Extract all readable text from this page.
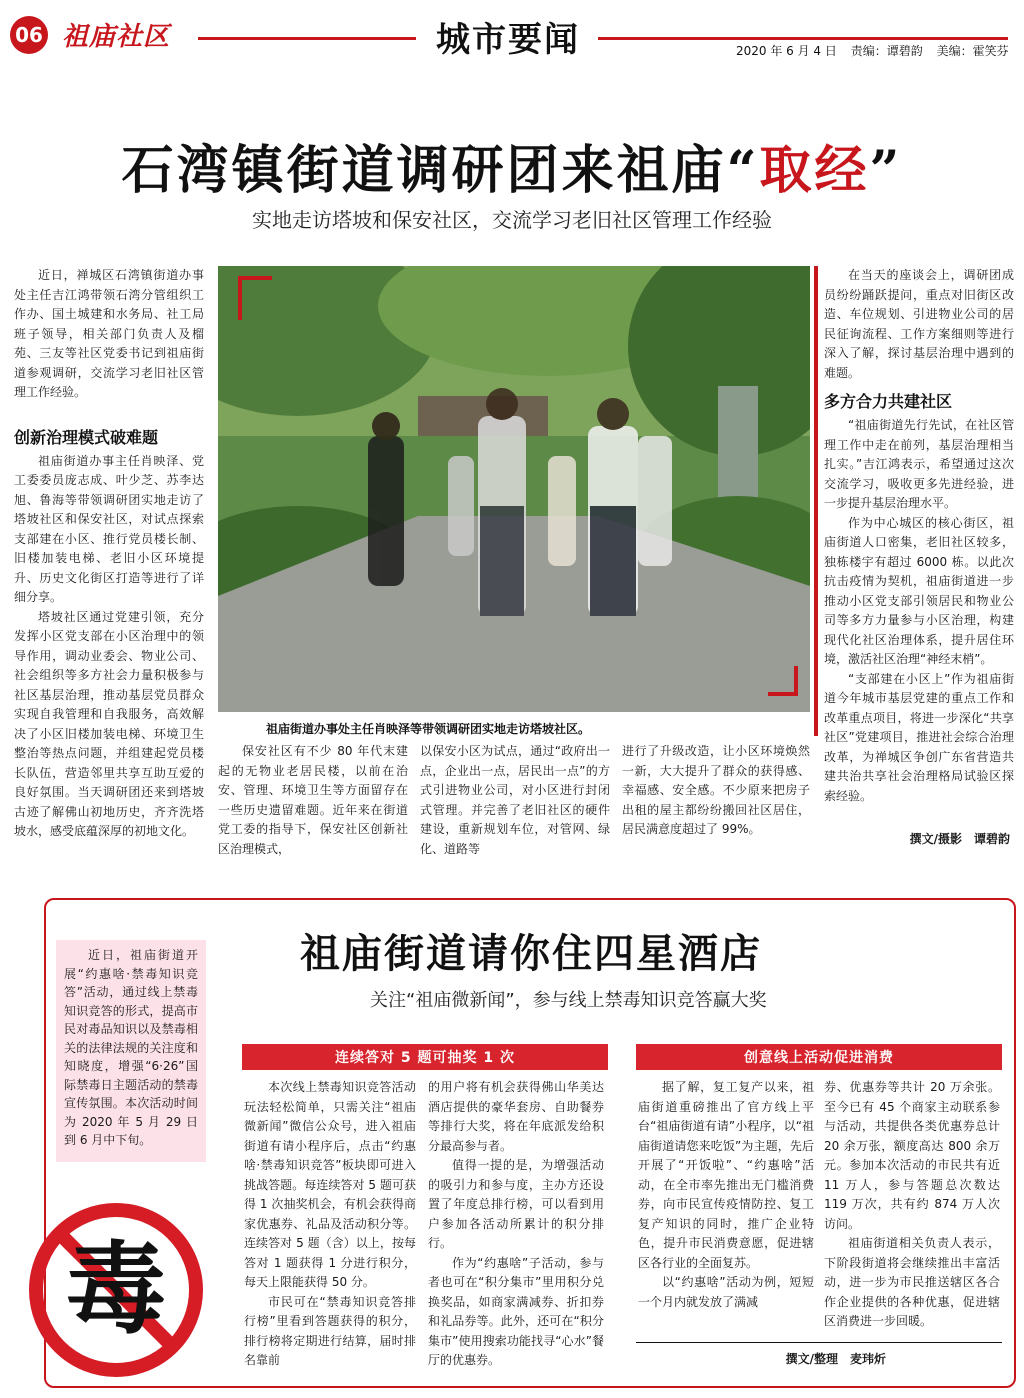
06 祖庙社区	城市要闻	2020 年 6 月 4 日 责编：谭碧韵 美编：霍笑芬
石湾镇街道调研团来祖庙“取经”
实地走访塔坡和保安社区，交流学习老旧社区管理工作经验

近日，禅城区石湾镇街道办事处主任吉江鸿带领石湾分管组织工作办、国土城建和水务局、社工局班子领导，相关部门负责人及榴苑、三友等社区党委书记到祖庙街道参观调研，交流学习老旧社区管理工作经验。

创新治理模式破难题

祖庙街道办事主任肖映泽、党工委委员庞志成、叶少芝、苏李达旭、鲁海等带领调研团实地走访了塔坡社区和保安社区，对试点探索支部建在小区、推行党员楼长制、旧楼加装电梯、老旧小区环境提升、历史文化街区打造等进行了详细分享。

塔坡社区通过党建引领，充分发挥小区党支部在小区治理中的领导作用，调动业委会、物业公司、社会组织等多方社会力量积极参与社区基层治理，推动基层党员群众实现自我管理和自我服务，高效解决了小区旧楼加装电梯、环境卫生整治等热点问题，并组建起党员楼长队伍，营造邻里共享互助互爱的良好氛围。当天调研团还来到塔坡古迹了解佛山初地历史，齐齐洗塔坡水，感受底蕴深厚的初地文化。

祖庙街道办事处主任肖映泽等带领调研团实地走访塔坡社区。

保安社区有不少 80 年代末建起的无物业老居民楼，以前在治安、管理、环境卫生等方面留存在一些历史遗留难题。近年来在街道党工委的指导下，保安社区创新社区治理模式，

以保安小区为试点，通过“政府出一点，企业出一点，居民出一点”的方式引进物业公司，对小区进行封闭式管理。并完善了老旧社区的硬件建设，重新规划车位，对管网、绿化、道路等

进行了升级改造，让小区环境焕然一新，大大提升了群众的获得感、幸福感、安全感。不少原来把房子出租的屋主都纷纷搬回社区居住，居民满意度超过了 99%。

在当天的座谈会上，调研团成员纷纷踊跃提问，重点对旧街区改造、车位规划、引进物业公司的居民征询流程、工作方案细则等进行深入了解，探讨基层治理中遇到的难题。

多方合力共建社区

“祖庙街道先行先试，在社区管理工作中走在前列，基层治理相当扎实。”吉江鸿表示，希望通过这次交流学习，吸收更多先进经验，进一步提升基层治理水平。

作为中心城区的核心街区，祖庙街道人口密集，老旧社区较多，独栋楼宇有超过 6000 栋。以此次抗击疫情为契机，祖庙街道进一步推动小区党支部引领居民和物业公司等多方力量参与小区治理，构建现代化社区治理体系，提升居住环境，激活社区治理“神经末梢”。

“支部建在小区上”作为祖庙街道今年城市基层党建的重点工作和改革重点项目，将进一步深化“共享社区”党建项目，推进社会综合治理改革，为禅城区争创广东省营造共建共治共享社会治理格局试验区探索经验。

撰文/摄影　谭碧韵
祖庙街道请你住四星酒店
关注“祖庙微新闻”，参与线上禁毒知识竞答赢大奖

近日，祖庙街道开展“约惠啥·禁毒知识竞答”活动，通过线上禁毒知识竞答的形式，提高市民对毒品知识以及禁毒相关的法律法规的关注度和知晓度，增强“6·26”国际禁毒日主题活动的禁毒宣传氛围。本次活动时间为 2020 年 5 月 29 日到 6 月中下旬。

毒
连续答对 5 题可抽奖 1 次	创意线上活动促进消费

本次线上禁毒知识竞答活动玩法轻松简单，只需关注“祖庙微新闻”微信公众号，进入祖庙街道有请小程序后，点击“约惠啥·禁毒知识竞答”板块即可进入挑战答题。每连续答对 5 题可获得 1 次抽奖机会，有机会获得商家优惠券、礼品及活动积分等。连续答对 5 题（含）以上，按每答对 1 题获得 1 分进行积分，每天上限能获得 50 分。

市民可在“禁毒知识竞答排行榜”里看到答题获得的积分，排行榜将定期进行结算，届时排名靠前

的用户将有机会获得佛山华美达酒店提供的豪华套房、自助餐券等排行大奖，将在年底派发给积分最高参与者。

值得一提的是，为增强活动的吸引力和参与度，主办方还设置了年度总排行榜，可以看到用户参加各活动所累计的积分排行。

作为“约惠啥”子活动，参与者也可在“积分集市”里用积分兑换奖品，如商家满减券、折扣券和礼品券等。此外，还可在“积分集市”使用搜索功能找寻“心水”餐厅的优惠券。

据了解，复工复产以来，祖庙街道重磅推出了官方线上平台“祖庙街道有请”小程序，以“祖庙街道请您来吃饭”为主题，先后开展了“开饭啦”、“约惠啥”活动，在全市率先推出无门槛消费券，向市民宣传疫情防控、复工复产知识的同时，推广企业特色，提升市民消费意愿，促进辖区各行业的全面复苏。

以“约惠啥”活动为例，短短一个月内就发放了满减

券、优惠券等共计 20 万余张。至今已有 45 个商家主动联系参与活动，共提供各类优惠券总计 20 余万张，额度高达 800 余万元。参加本次活动的市民共有近 11 万人，参与答题总次数达 119 万次，共有约 874 万人次访问。

祖庙街道相关负责人表示，下阶段街道将会继续推出丰富活动，进一步为市民推送辖区各合作企业提供的各种优惠，促进辖区消费进一步回暖。

撰文/整理　麦玮炘
